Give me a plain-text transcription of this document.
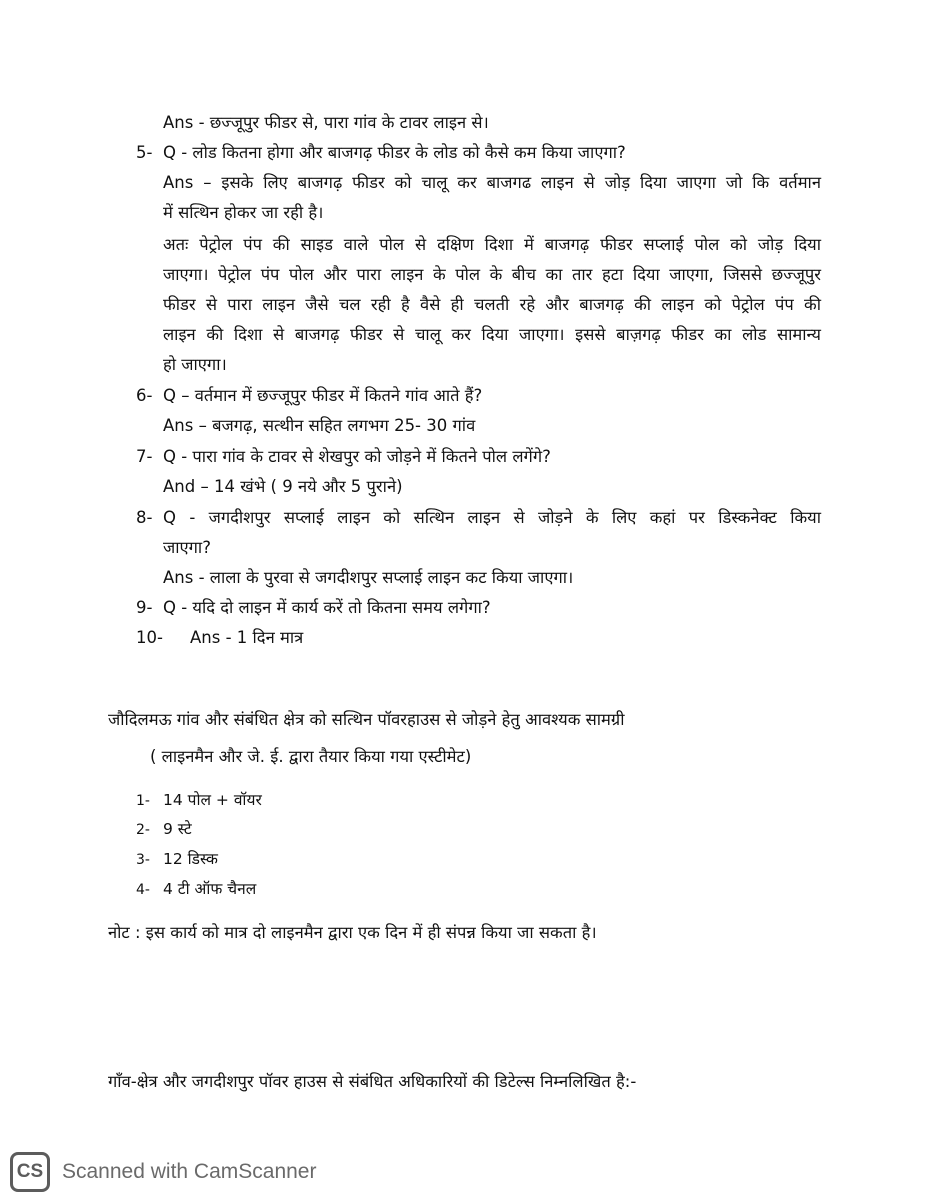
Ans - छज्जूपुर फीडर से, पारा गांव के टावर लाइन से।
5- Q - लोड कितना होगा और बाजगढ़ फीडर के लोड को कैसे कम किया जाएगा?
Ans – इसके लिए बाजगढ़ फीडर को चालू कर बाजगढ लाइन से जोड़ दिया जाएगा जो कि वर्तमान
में सत्थिन होकर जा रही है।
अतः पेट्रोल पंप की साइड वाले पोल से दक्षिण दिशा में बाजगढ़ फीडर सप्लाई पोल को जोड़ दिया
जाएगा। पेट्रोल पंप पोल और पारा लाइन के पोल के बीच का तार हटा दिया जाएगा, जिससे छज्जूपुर
फीडर से पारा लाइन जैसे चल रही है वैसे ही चलती रहे और बाजगढ़ की लाइन को पेट्रोल पंप की
लाइन की दिशा से बाजगढ़ फीडर से चालू कर दिया जाएगा। इससे बाज़गढ़ फीडर का लोड सामान्य
हो जाएगा।
6- Q – वर्तमान में छज्जूपुर फीडर में कितने गांव आते हैं?
Ans – बजगढ़, सत्थीन सहित लगभग 25- 30 गांव
7- Q - पारा गांव के टावर से शेखपुर को जोड़ने में कितने पोल लगेंगे?
And – 14 खंभे ( 9 नये और 5 पुराने)
8- Q - जगदीशपुर सप्लाई लाइन को सत्थिन लाइन से जोड़ने के लिए कहां पर डिस्कनेक्ट किया
जाएगा?
Ans - लाला के पुरवा से जगदीशपुर सप्लाई लाइन कट किया जाएगा।
9- Q - यदि दो लाइन में कार्य करें तो कितना समय लगेगा?
10- Ans - 1 दिन मात्र
जौदिलमऊ गांव और संबंधित क्षेत्र को सत्थिन पॉवरहाउस से जोड़ने हेतु आवश्यक सामग्री
( लाइनमैन और जे. ई. द्वारा तैयार किया गया एस्टीमेट)
1- 14 पोल + वॉयर
2- 9 स्टे
3- 12 डिस्क
4- 4 टी ऑफ चैनल
नोट : इस कार्य को मात्र दो लाइनमैन द्वारा एक दिन में ही संपन्न किया जा सकता है।
गाँव-क्षेत्र और जगदीशपुर पॉवर हाउस से संबंधित अधिकारियों की डिटेल्स निम्नलिखित है:-
CS Scanned with CamScanner
